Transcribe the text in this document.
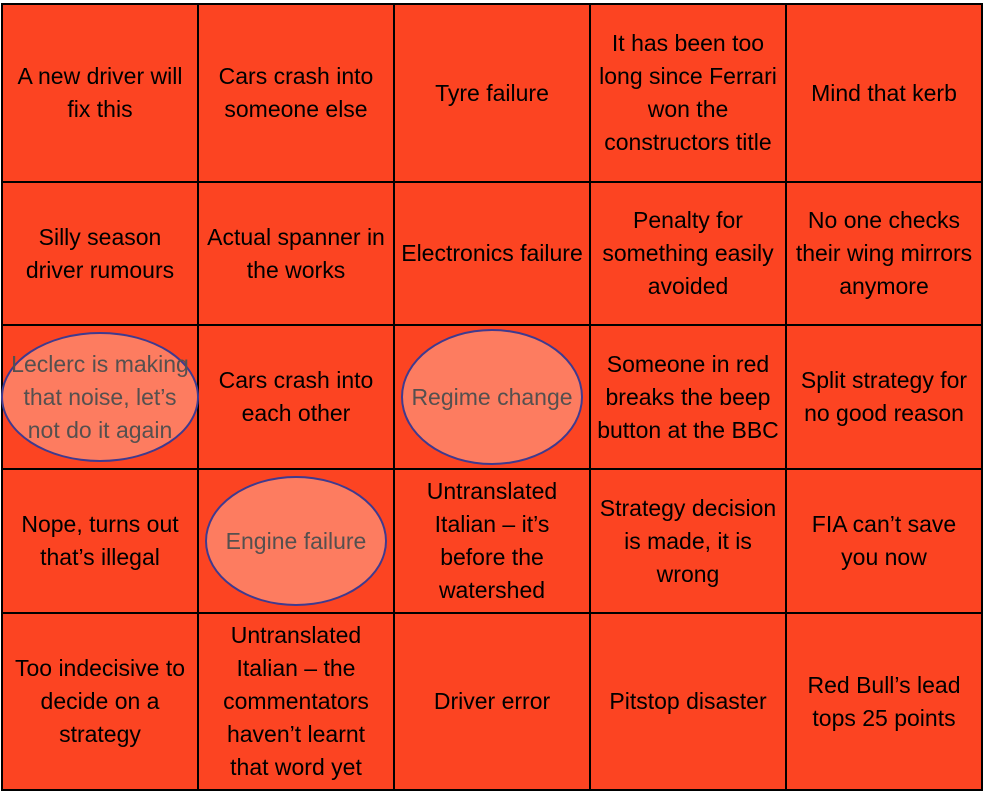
A new driver will fix this	Cars crash into someone else	Tyre failure	It has been too long since Ferrari won the constructors title	Mind that kerb

Silly season driver rumours	Actual spanner in the works	Electronics failure	Penalty for something easily avoided	No one checks their wing mirrors anymore

Leclerc is making that noise, let’s not do it again	Cars crash into each other	Regime change	Someone in red breaks the beep button at the BBC	Split strategy for no good reason

Nope, turns out that’s illegal	Engine failure	Untranslated Italian – it’s before the watershed	Strategy decision is made, it is wrong	FIA can’t save you now

Too indecisive to decide on a strategy	Untranslated Italian – the commentators haven’t learnt that word yet	Driver error	Pitstop disaster	Red Bull’s lead tops 25 points
